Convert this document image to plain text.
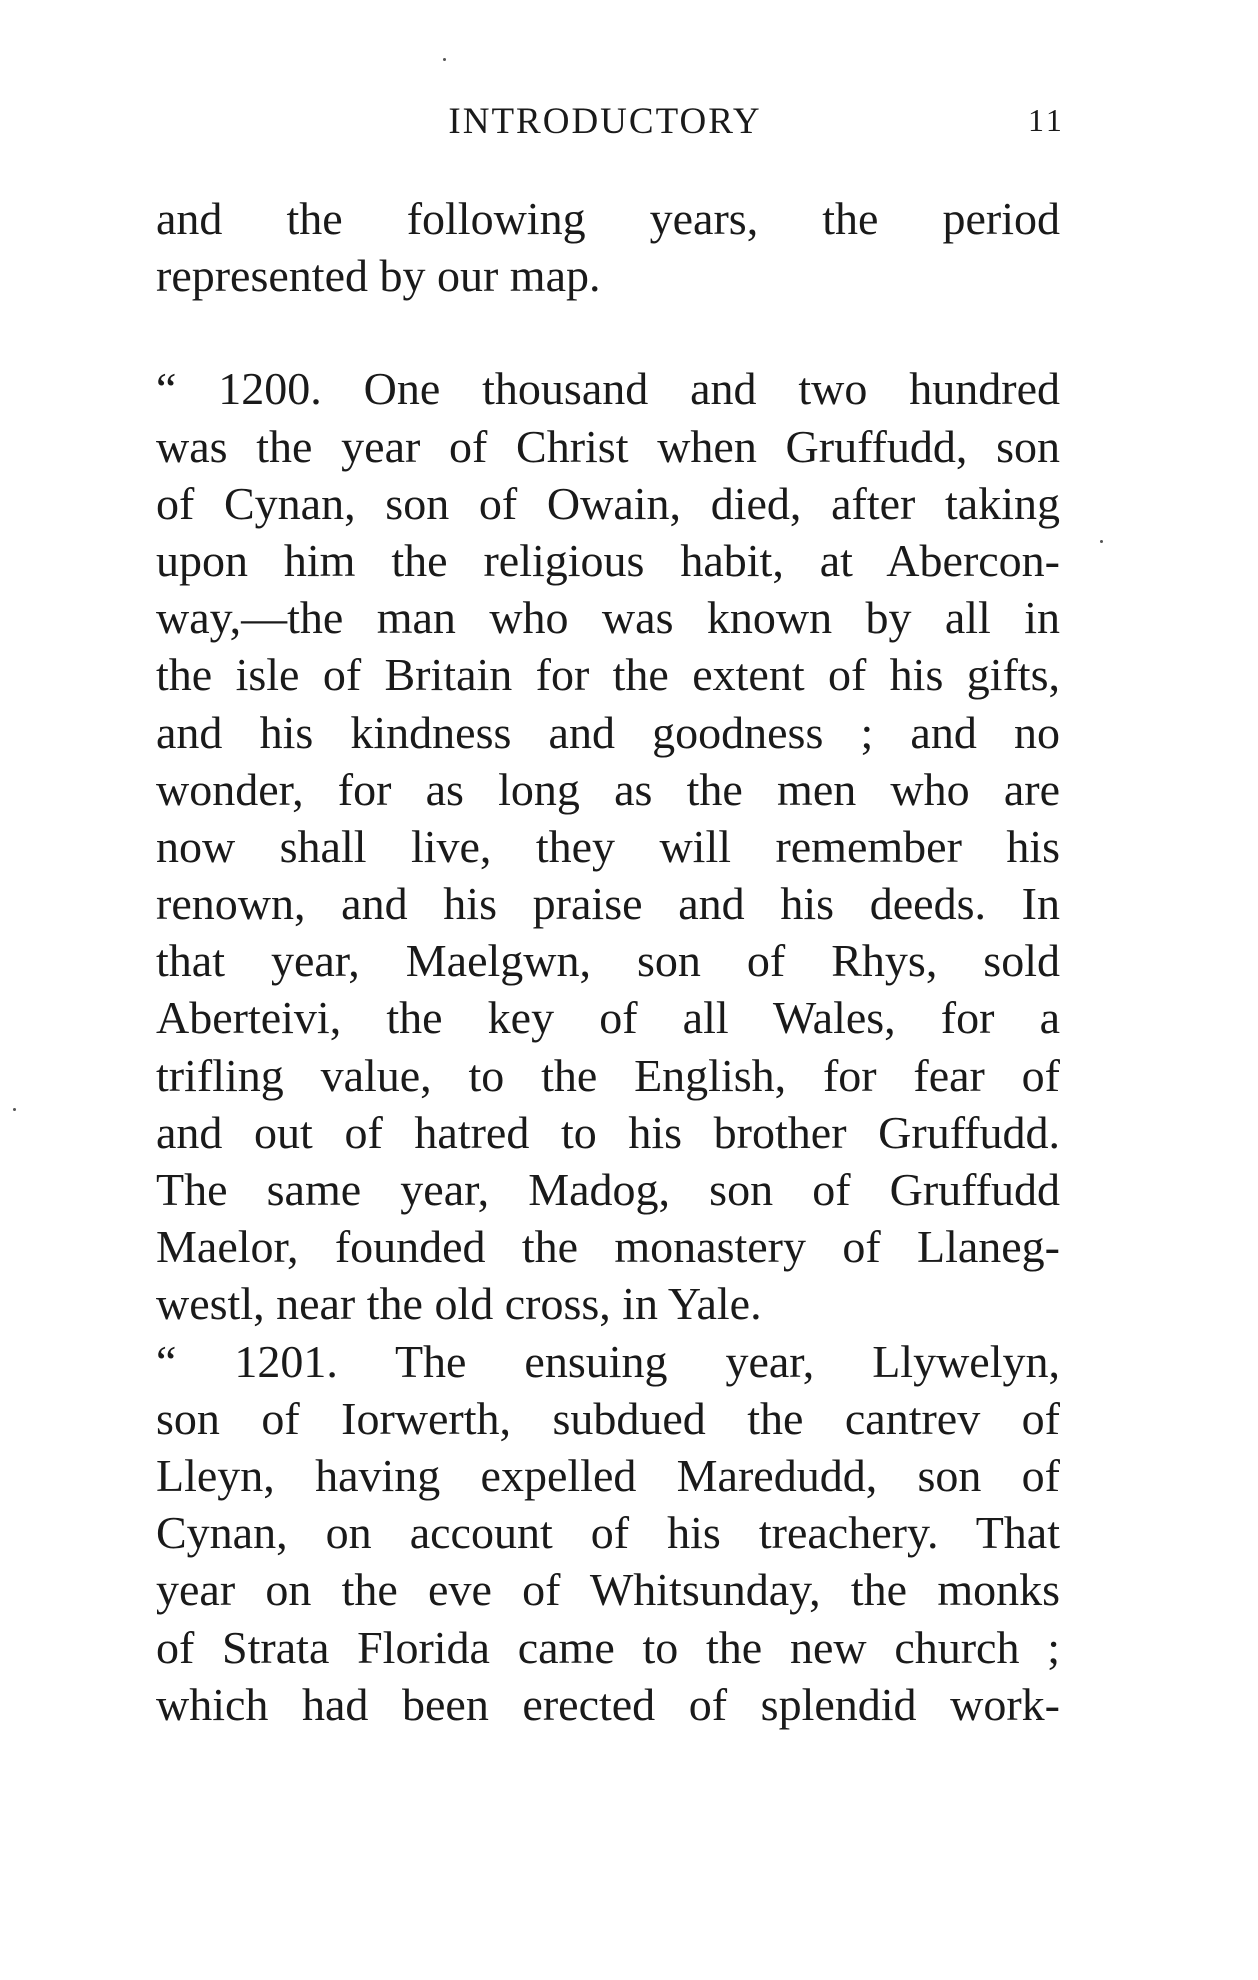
INTRODUCTORY	11
and the following years, the period
represented by our map.
“ 1200. One thousand and two hundred
was the year of Christ when Gruffudd, son
of Cynan, son of Owain, died, after taking
upon him the religious habit, at Abercon-
way,—the man who was known by all in
the isle of Britain for the extent of his gifts,
and his kindness and goodness ; and no
wonder, for as long as the men who are
now shall live, they will remember his
renown, and his praise and his deeds. In
that year, Maelgwn, son of Rhys, sold
Aberteivi, the key of all Wales, for a
trifling value, to the English, for fear of
and out of hatred to his brother Gruffudd.
The same year, Madog, son of Gruffudd
Maelor, founded the monastery of Llaneg-
westl, near the old cross, in Yale.
“ 1201. The ensuing year, Llywelyn,
son of Iorwerth, subdued the cantrev of
Lleyn, having expelled Maredudd, son of
Cynan, on account of his treachery. That
year on the eve of Whitsunday, the monks
of Strata Florida came to the new church ;
which had been erected of splendid work-
